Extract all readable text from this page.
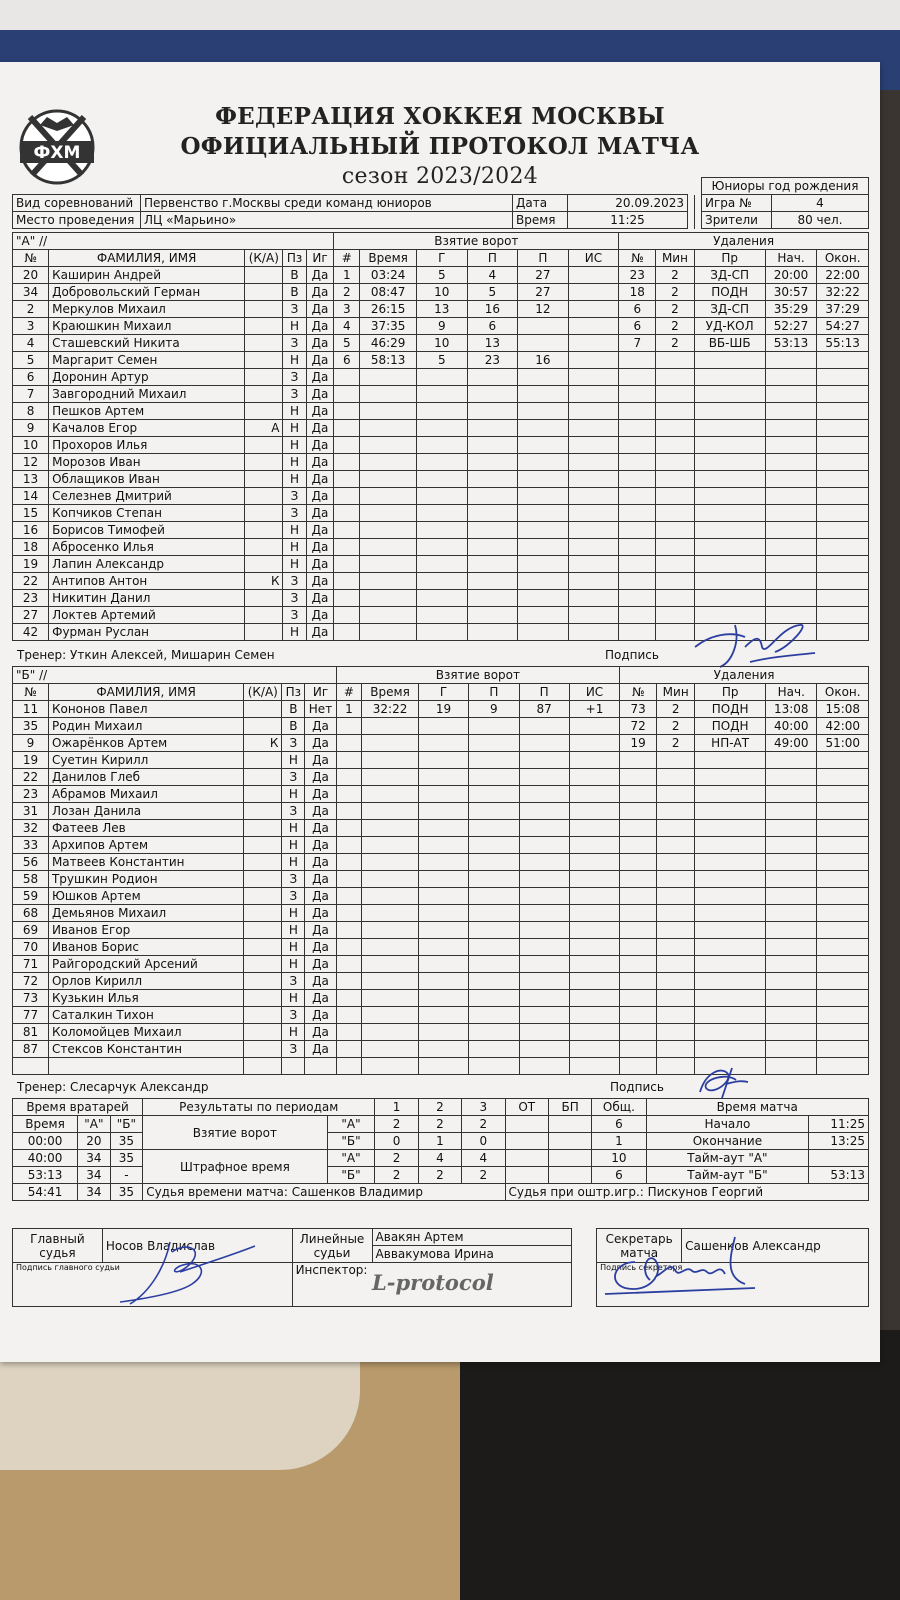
ФХМ
ФЕДЕРАЦИЯ ХОККЕЯ МОСКВЫ
ОФИЦИАЛЬНЫЙ ПРОТОКОЛ МАТЧА
сезон 2023/2024
						Юниоры год рождения	
Вид соревнований	Первенство г.Москвы среди команд юниоров	Дата	20.09.2023			Игра №	4
Место проведения	ЛЦ «Марьино»	Время	11:25			Зрители	80 чел.
"А" //					Взятие ворот						Удаления				
№	ФАМИЛИЯ, ИМЯ	(К/А)	Пз	Иг	#	Время	Г	П	П	ИС	№	Мин	Пр	Нач.	Окон.
20	Каширин Андрей		В	Да	1	03:24	5	4	27		23	2	ЗД-СП	20:00	22:00
34	Добровольский Герман		В	Да	2	08:47	10	5	27		18	2	ПОДН	30:57	32:22
2	Меркулов Михаил		З	Да	3	26:15	13	16	12		6	2	ЗД-СП	35:29	37:29
3	Краюшкин Михаил		Н	Да	4	37:35	9	6			6	2	УД-КОЛ	52:27	54:27
4	Сташевский Никита		З	Да	5	46:29	10	13			7	2	ВБ-ШБ	53:13	55:13
5	Маргарит Семен		Н	Да	6	58:13	5	23	16						
6	Доронин Артур		З	Да											
7	Завгородний Михаил		З	Да											
8	Пешков Артем		Н	Да											
9	Качалов Егор	А	Н	Да											
10	Прохоров Илья		Н	Да											
12	Морозов Иван		Н	Да											
13	Облащиков Иван		Н	Да											
14	Селезнев Дмитрий		З	Да											
15	Копчиков Степан		З	Да											
16	Борисов Тимофей		Н	Да											
18	Абросенко Илья		Н	Да											
19	Лапин Александр		Н	Да											
22	Антипов Антон	К	З	Да											
23	Никитин Данил		З	Да											
27	Локтев Артемий		З	Да											
42	Фурман Руслан		Н	Да											
Тренер: Уткин Алексей, Мишарин Семен	Подпись
"Б" //					Взятие ворот						Удаления				
№	ФАМИЛИЯ, ИМЯ	(К/А)	Пз	Иг	#	Время	Г	П	П	ИС	№	Мин	Пр	Нач.	Окон.
11	Кононов Павел		В	Нет	1	32:22	19	9	87	+1	73	2	ПОДН	13:08	15:08
35	Родин Михаил		В	Да							72	2	ПОДН	40:00	42:00
9	Ожарёнков Артем	К	З	Да							19	2	НП-АТ	49:00	51:00
19	Суетин Кирилл		Н	Да											
22	Данилов Глеб		З	Да											
23	Абрамов Михаил		Н	Да											
31	Лозан Данила		З	Да											
32	Фатеев Лев		Н	Да											
33	Архипов Артем		Н	Да											
56	Матвеев Константин		Н	Да											
58	Трушкин Родион		З	Да											
59	Юшков Артем		З	Да											
68	Демьянов Михаил		Н	Да											
69	Иванов Егор		Н	Да											
70	Иванов Борис		Н	Да											
71	Райгородский Арсений		Н	Да											
72	Орлов Кирилл		З	Да											
73	Кузькин Илья		Н	Да											
77	Саталкин Тихон		З	Да											
81	Коломойцев Михаил		Н	Да											
87	Стексов Константин		З	Да											

Тренер: Слесарчук Александр	Подпись
Время вратарей			Результаты по периодам		1	2	3	ОТ	БП	Общ.	Время матча	
Время	"А"	"Б"	Взятие ворот	"А"	2	2	2			6	Начало	11:25
00:00	20	35		"Б"	0	1	0			1	Окончание	13:25
40:00	34	35	Штрафное время	"А"	2	4	4			10	Тайм-аут "А"	
53:13	34	-		"Б"	2	2	2			6	Тайм-аут "Б"	53:13
54:41	34	35	Судья времени матча: Сашенков Владимир					Судья при оштр.игр.: Пискунов Георгий				
Главный судья	Носов Владислав	Линейные судьи	Авакян Артем		Секретарь матча	Сашенков Александр
			Аввакумова Ирина			
Подпись главного судьи		Инспектор:			Подпись секретаря	
L-protocol
